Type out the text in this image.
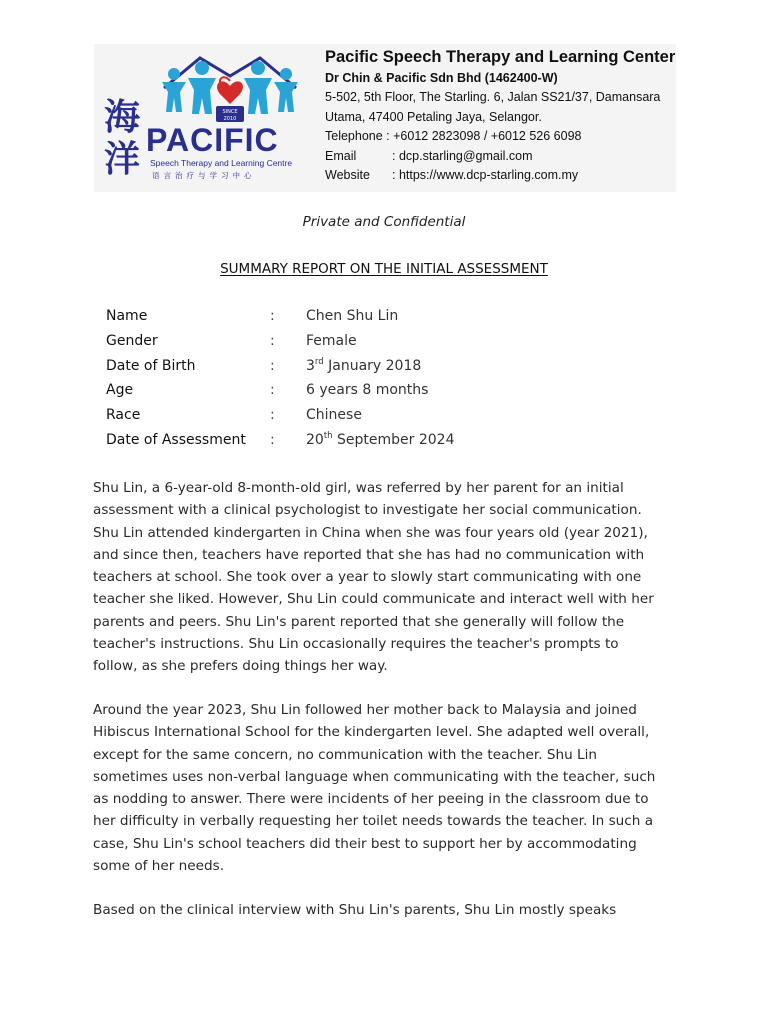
SINCE
2010
海洋 PACIFIC
Speech Therapy and Learning Centre
语言治疗与学习中心
Pacific Speech Therapy and Learning Center
Dr Chin & Pacific Sdn Bhd (1462400-W)
5-502, 5th Floor, The Starling. 6, Jalan SS21/37, Damansara
Utama, 47400 Petaling Jaya, Selangor.
Telephone : +6012 2823098 / +6012 526 6098
Email	: dcp.starling@gmail.com
Website : https://www.dcp-starling.com.my
Private and Confidential
SUMMARY REPORT ON THE INITIAL ASSESSMENT
Name	: Chen Shu Lin
Gender	: Female
Date of Birth	: 3rd January 2018
Age	: 6 years 8 months
Race	: Chinese
Date of Assessment : 20th September 2024
Shu Lin, a 6-year-old 8-month-old girl, was referred by her parent for an initial
assessment with a clinical psychologist to investigate her social communication.
Shu Lin attended kindergarten in China when she was four years old (year 2021),
and since then, teachers have reported that she has had no communication with
teachers at school. She took over a year to slowly start communicating with one
teacher she liked. However, Shu Lin could communicate and interact well with her
parents and peers. Shu Lin's parent reported that she generally will follow the
teacher's instructions. Shu Lin occasionally requires the teacher's prompts to
follow, as she prefers doing things her way.
Around the year 2023, Shu Lin followed her mother back to Malaysia and joined
Hibiscus International School for the kindergarten level. She adapted well overall,
except for the same concern, no communication with the teacher. Shu Lin
sometimes uses non-verbal language when communicating with the teacher, such
as nodding to answer. There were incidents of her peeing in the classroom due to
her difficulty in verbally requesting her toilet needs towards the teacher. In such a
case, Shu Lin's school teachers did their best to support her by accommodating
some of her needs.
Based on the clinical interview with Shu Lin's parents, Shu Lin mostly speaks
